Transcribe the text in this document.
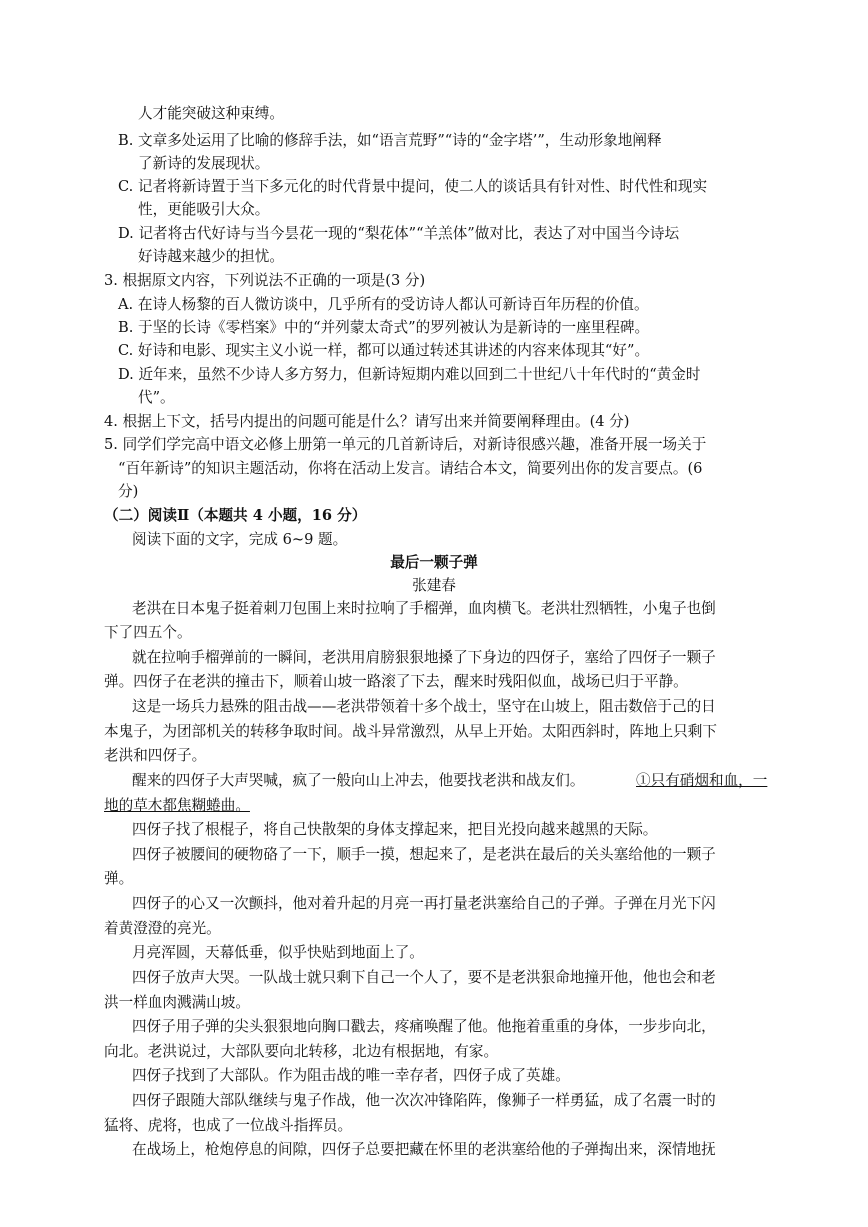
人才能突破这种束缚。
B. 文章多处运用了比喻的修辞手法，如“语言荒野”“诗的“金字塔’”，生动形象地阐释
了新诗的发展现状。
C. 记者将新诗置于当下多元化的时代背景中提问，使二人的谈话具有针对性、时代性和现实
性，更能吸引大众。
D. 记者将古代好诗与当今昙花一现的“梨花体”“羊羔体”做对比，表达了对中国当今诗坛
好诗越来越少的担忧。
3. 根据原文内容，下列说法不正确的一项是(3 分)
A. 在诗人杨黎的百人微访谈中，几乎所有的受访诗人都认可新诗百年历程的价值。
B. 于坚的长诗《零档案》中的“并列蒙太奇式”的罗列被认为是新诗的一座里程碑。
C. 好诗和电影、现实主义小说一样，都可以通过转述其讲述的内容来体现其“好”。
D. 近年来，虽然不少诗人多方努力，但新诗短期内难以回到二十世纪八十年代时的“黄金时
代”。
4. 根据上下文，括号内提出的问题可能是什么？请写出来并简要阐释理由。(4 分)
5. 同学们学完高中语文必修上册第一单元的几首新诗后，对新诗很感兴趣，准备开展一场关于
“百年新诗”的知识主题活动，你将在活动上发言。请结合本文，简要列出你的发言要点。(6
分)
（二）阅读Ⅱ（本题共 4 小题，16 分）
阅读下面的文字，完成 6~9 题。
最后一颗子弹
张建春
老洪在日本鬼子挺着刺刀包围上来时拉响了手榴弹，血肉横飞。老洪壮烈牺牲，小鬼子也倒
下了四五个。
就在拉响手榴弹前的一瞬间，老洪用肩膀狠狠地搡了下身边的四伢子，塞给了四伢子一颗子
弹。四伢子在老洪的撞击下，顺着山坡一路滚了下去，醒来时残阳似血，战场已归于平静。
这是一场兵力悬殊的阻击战——老洪带领着十多个战士，坚守在山坡上，阻击数倍于己的日
本鬼子，为团部机关的转移争取时间。战斗异常激烈，从早上开始。太阳西斜时，阵地上只剩下
老洪和四伢子。
醒来的四伢子大声哭喊，疯了一般向山上冲去，他要找老洪和战友们。	①只有硝烟和血，一
地的草木都焦糊蜷曲。
四伢子找了根棍子，将自己快散架的身体支撑起来，把目光投向越来越黑的天际。
四伢子被腰间的硬物硌了一下，顺手一摸，想起来了，是老洪在最后的关头塞给他的一颗子
弹。
四伢子的心又一次颤抖，他对着升起的月亮一再打量老洪塞给自己的子弹。子弹在月光下闪
着黄澄澄的亮光。
月亮浑圆，天幕低垂，似乎快贴到地面上了。
四伢子放声大哭。一队战士就只剩下自己一个人了，要不是老洪狠命地撞开他，他也会和老
洪一样血肉溅满山坡。
四伢子用子弹的尖头狠狠地向胸口戳去，疼痛唤醒了他。他拖着重重的身体，一步步向北，
向北。老洪说过，大部队要向北转移，北边有根据地，有家。
四伢子找到了大部队。作为阻击战的唯一幸存者，四伢子成了英雄。
四伢子跟随大部队继续与鬼子作战，他一次次冲锋陷阵，像狮子一样勇猛，成了名震一时的
猛将、虎将，也成了一位战斗指挥员。
在战场上，枪炮停息的间隙，四伢子总要把藏在怀里的老洪塞给他的子弹掏出来，深情地抚
